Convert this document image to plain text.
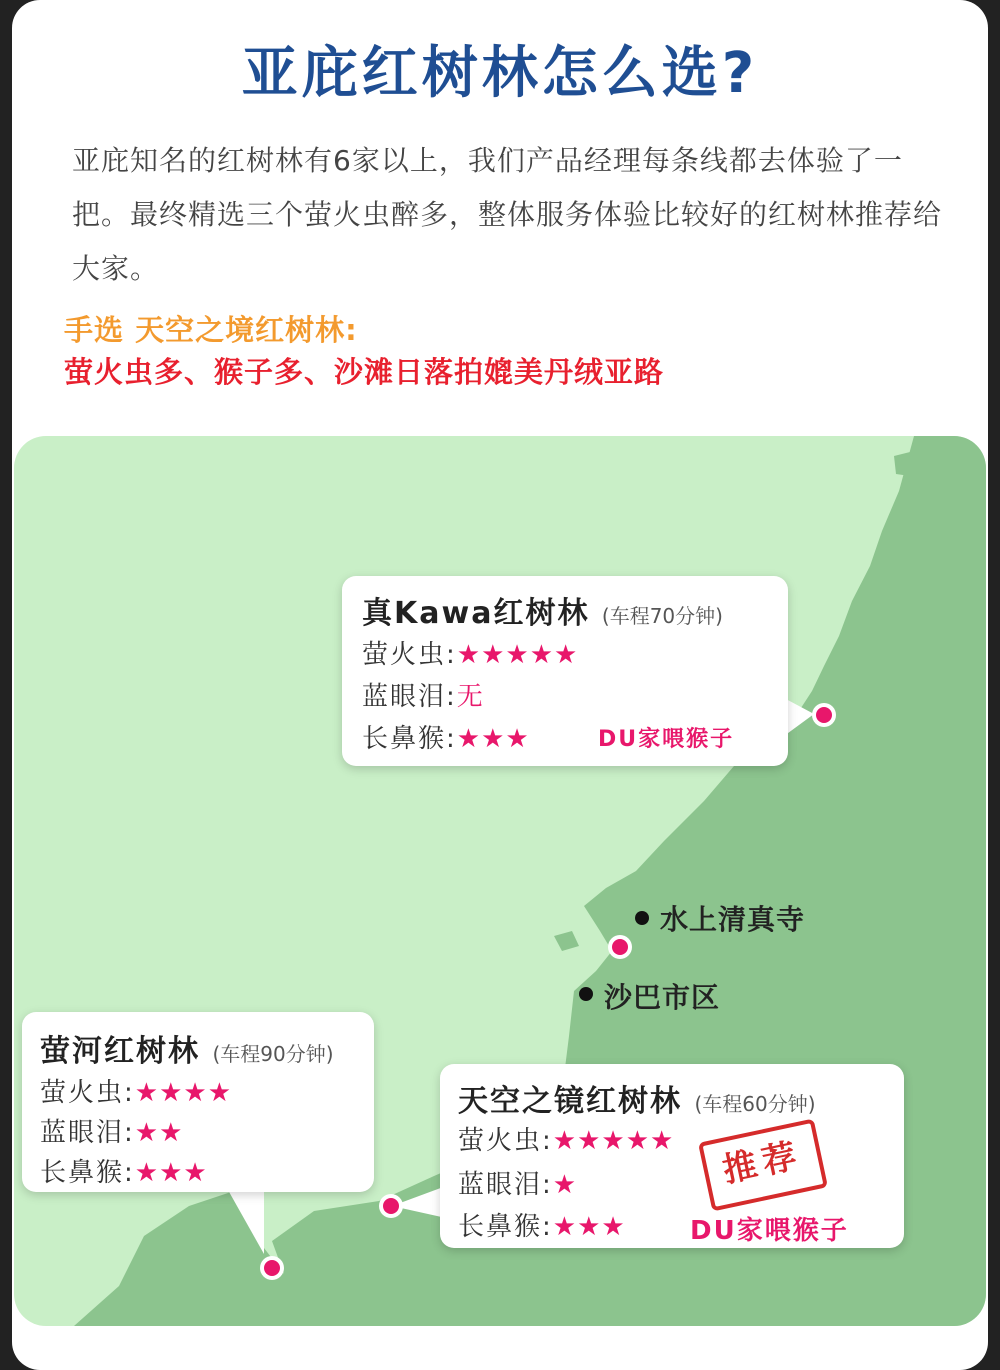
亚庇红树林怎么选?
亚庇知名的红树林有6家以上，我们产品经理每条线都去体验了一把。最终精选三个萤火虫醉多，整体服务体验比较好的红树林推荐给大家。
手选 天空之境红树林:
萤火虫多、猴子多、沙滩日落拍媲美丹绒亚路
水上清真寺
沙巴市区
真Kawa红树林 (车程70分钟)
萤火虫:★★★★★
蓝眼泪:无
长鼻猴:★★★	DU家喂猴子
萤河红树林 (车程90分钟)
萤火虫:★★★★
蓝眼泪:★★
长鼻猴:★★★
天空之镜红树林 (车程60分钟)
萤火虫:★★★★★
蓝眼泪:★
长鼻猴:★★★ DU家喂猴子
推荐
